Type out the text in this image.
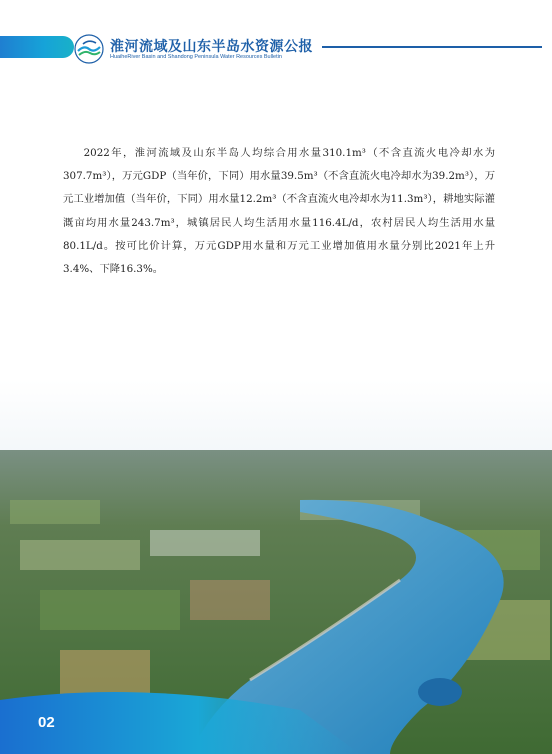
淮河流域及山东半岛水资源公报
HuaiheRiver Basin and Shandong Peninsula Water Resources Bulletin
2022年，淮河流域及山东半岛人均综合用水量310.1m³（不含直流火电冷却水为307.7m³），万元GDP（当年价，下同）用水量39.5m³（不含直流火电冷却水为39.2m³），万元工业增加值（当年价，下同）用水量12.2m³（不含直流火电冷却水为11.3m³），耕地实际灌溉亩均用水量243.7m³，城镇居民人均生活用水量116.4L/d，农村居民人均生活用水量80.1L/d。按可比价计算，万元GDP用水量和万元工业增加值用水量分别比2021年上升3.4%、下降16.3%。
02
